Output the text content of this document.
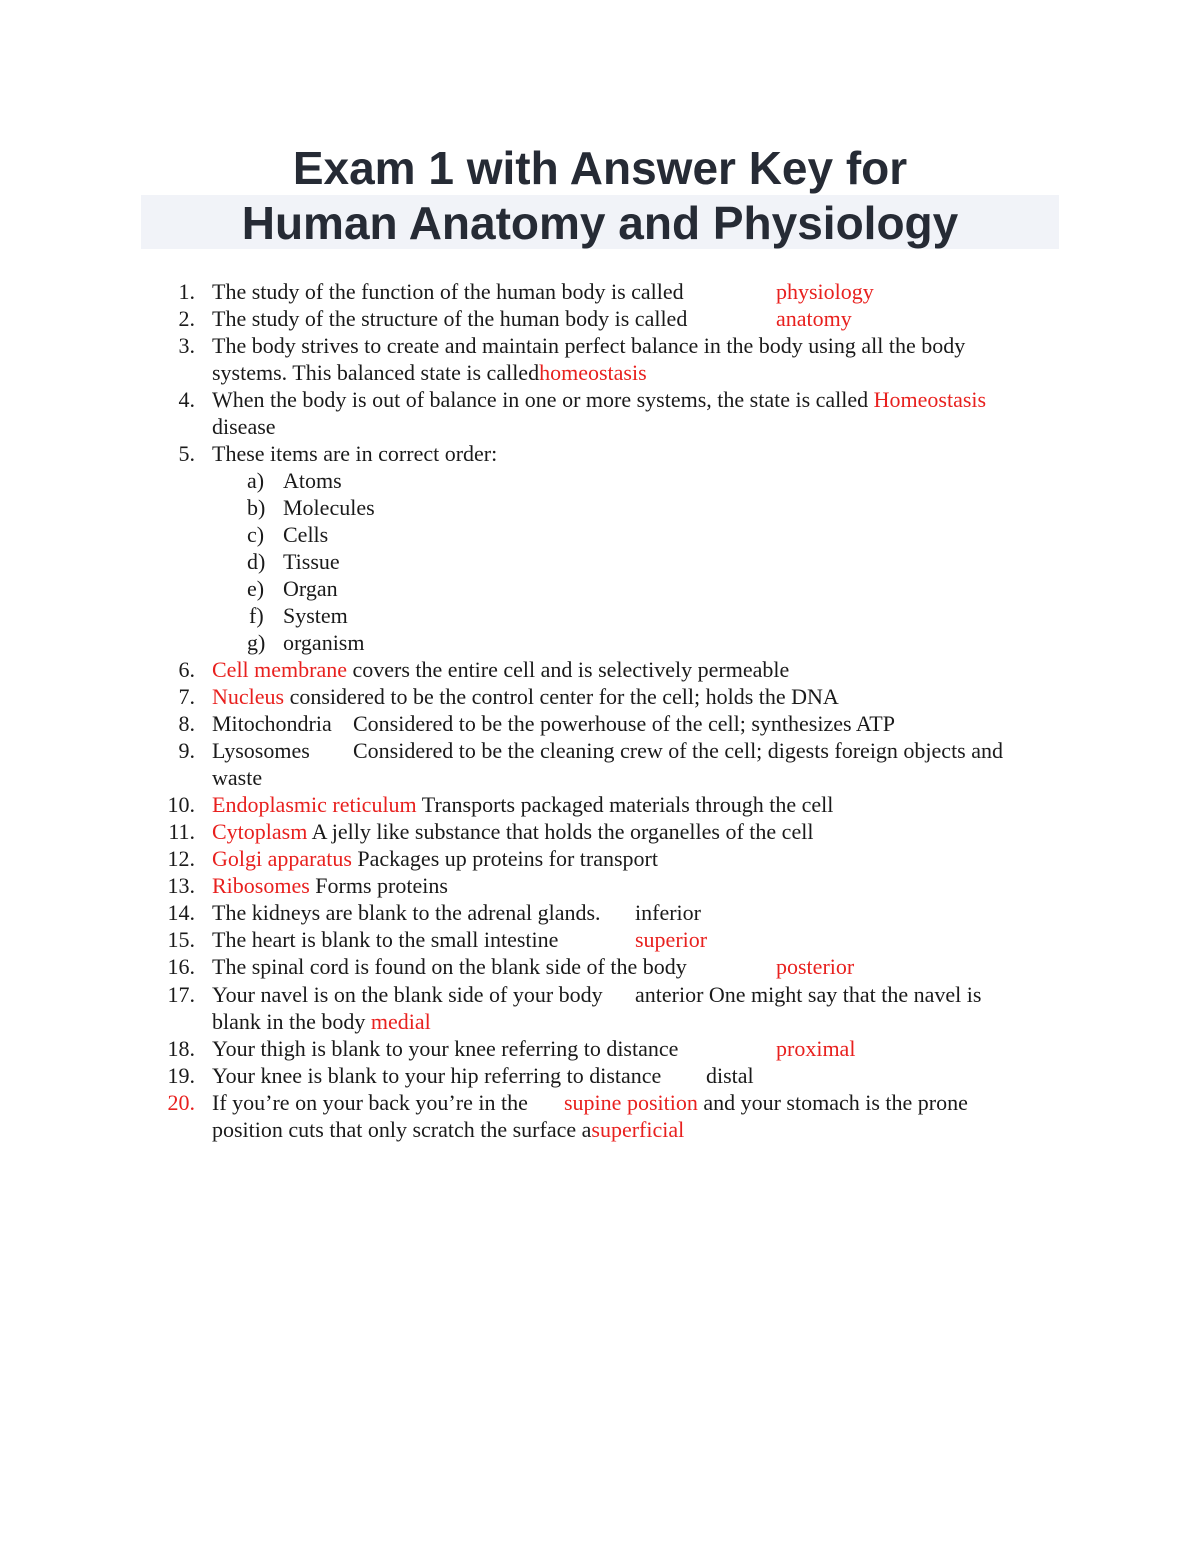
Exam 1 with Answer Key for

Human Anatomy and Physiology

1. The study of the function of the human body is called	physiology
2. The study of the structure of the human body is called	anatomy
3. The body strives to create and maintain perfect balance in the body using all the body
systems. This balanced state is calledhomeostasis
4. When the body is out of balance in one or more systems, the state is called Homeostasis
disease
5. These items are in correct order:
a) Atoms
b) Molecules
c) Cells
d) Tissue
e) Organ
f) System
g) organism
6. Cell membrane covers the entire cell and is selectively permeable
7. Nucleus considered to be the control center for the cell; holds the DNA
8. Mitochondria Considered to be the powerhouse of the cell; synthesizes ATP
9. Lysosomes Considered to be the cleaning crew of the cell; digests foreign objects and
waste
10. Endoplasmic reticulum Transports packaged materials through the cell
11. Cytoplasm A jelly like substance that holds the organelles of the cell
12. Golgi apparatus Packages up proteins for transport
13. Ribosomes Forms proteins
14. The kidneys are blank to the adrenal glands. inferior
15. The heart is blank to the small intestine	superior
16. The spinal cord is found on the blank side of the body	posterior
17. Your navel is on the blank side of your body anterior One might say that the navel is
blank in the body medial
18. Your thigh is blank to your knee referring to distance	proximal
19. Your knee is blank to your hip referring to distance distal
20. If you’re on your back you’re in the supine position and your stomach is the prone
position cuts that only scratch the surface asuperficial
